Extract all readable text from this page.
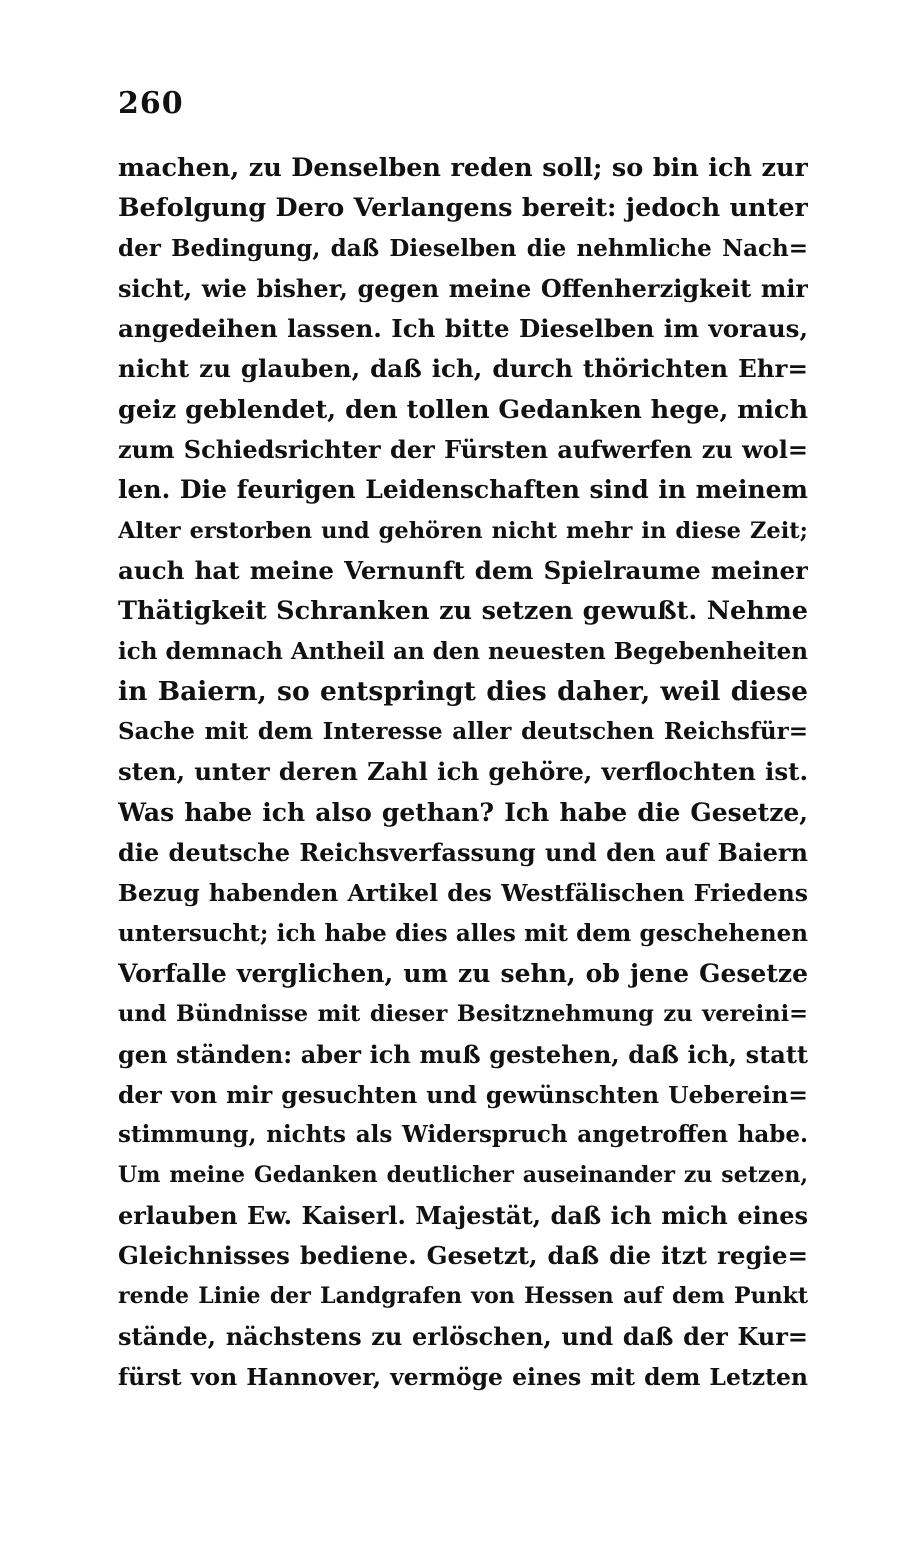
260
machen, zu Denselben reden soll; so bin ich zur
Befolgung Dero Verlangens bereit: jedoch unter
der Bedingung, daß Dieselben die nehmliche Nach=
sicht, wie bisher, gegen meine Offenherzigkeit mir
angedeihen lassen. Ich bitte Dieselben im voraus,
nicht zu glauben, daß ich, durch thörichten Ehr=
geiz geblendet, den tollen Gedanken hege, mich
zum Schiedsrichter der Fürsten aufwerfen zu wol=
len. Die feurigen Leidenschaften sind in meinem
Alter erstorben und gehören nicht mehr in diese Zeit;
auch hat meine Vernunft dem Spielraume meiner
Thätigkeit Schranken zu setzen gewußt. Nehme
ich demnach Antheil an den neuesten Begebenheiten
in Baiern, so entspringt dies daher, weil diese
Sache mit dem Interesse aller deutschen Reichsfür=
sten, unter deren Zahl ich gehöre, verflochten ist.
Was habe ich also gethan? Ich habe die Gesetze,
die deutsche Reichsverfassung und den auf Baiern
Bezug habenden Artikel des Westfälischen Friedens
untersucht; ich habe dies alles mit dem geschehenen
Vorfalle verglichen, um zu sehn, ob jene Gesetze
und Bündnisse mit dieser Besitznehmung zu vereini=
gen ständen: aber ich muß gestehen, daß ich, statt
der von mir gesuchten und gewünschten Ueberein=
stimmung, nichts als Widerspruch angetroffen habe.
Um meine Gedanken deutlicher auseinander zu setzen,
erlauben Ew. Kaiserl. Majestät, daß ich mich eines
Gleichnisses bediene. Gesetzt, daß die itzt regie=
rende Linie der Landgrafen von Hessen auf dem Punkt
stände, nächstens zu erlöschen, und daß der Kur=
fürst von Hannover, vermöge eines mit dem Letzten
